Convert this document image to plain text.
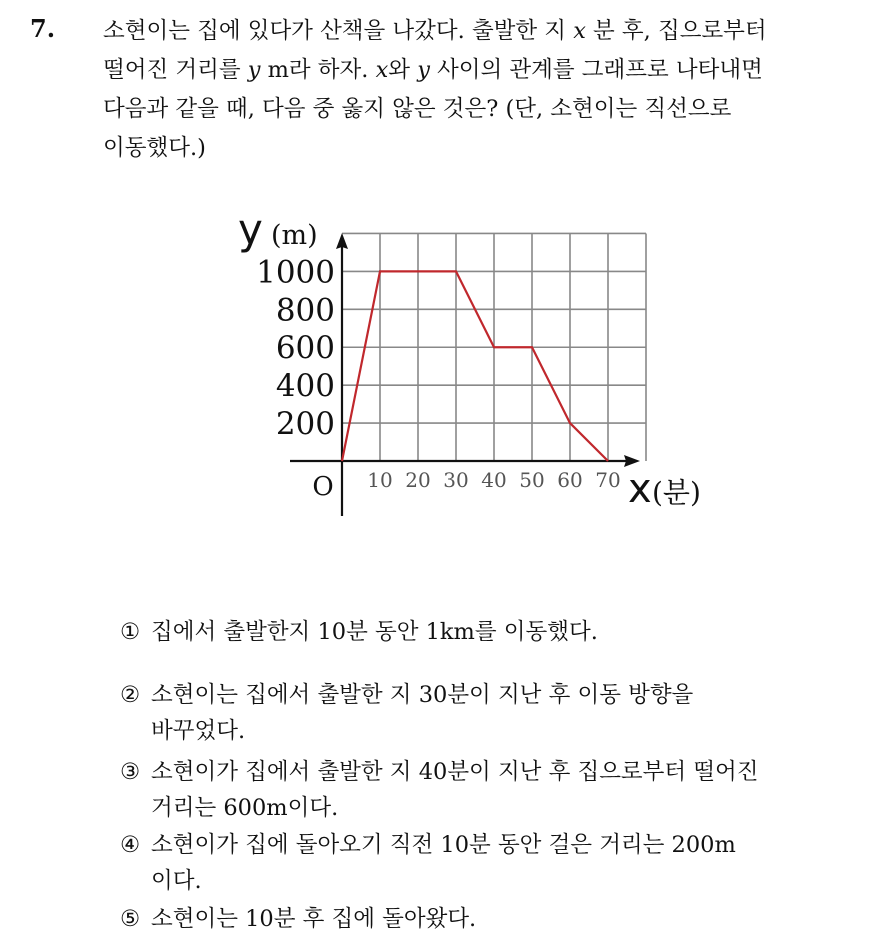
7. 소현이는 집에 있다가 산책을 나갔다. 출발한 지 x 분 후, 집으로부터
떨어진 거리를 y m라 하자. x와 y 사이의 관계를 그래프로 나타내면
다음과 같을 때, 다음 중 옳지 않은 것은? (단, 소현이는 직선으로
이동했다.)
200
400
600
800
1000
10 20 30 40 50 60 70
O
y (m)
x (분)
① 집에서 출발한지 10분 동안 1km를 이동했다.
② 소현이는 집에서 출발한 지 30분이 지난 후 이동 방향을
바꾸었다.
③ 소현이가 집에서 출발한 지 40분이 지난 후 집으로부터 떨어진
거리는 600m이다.
④ 소현이가 집에 돌아오기 직전 10분 동안 걸은 거리는 200m
이다.
⑤ 소현이는 10분 후 집에 돌아왔다.
